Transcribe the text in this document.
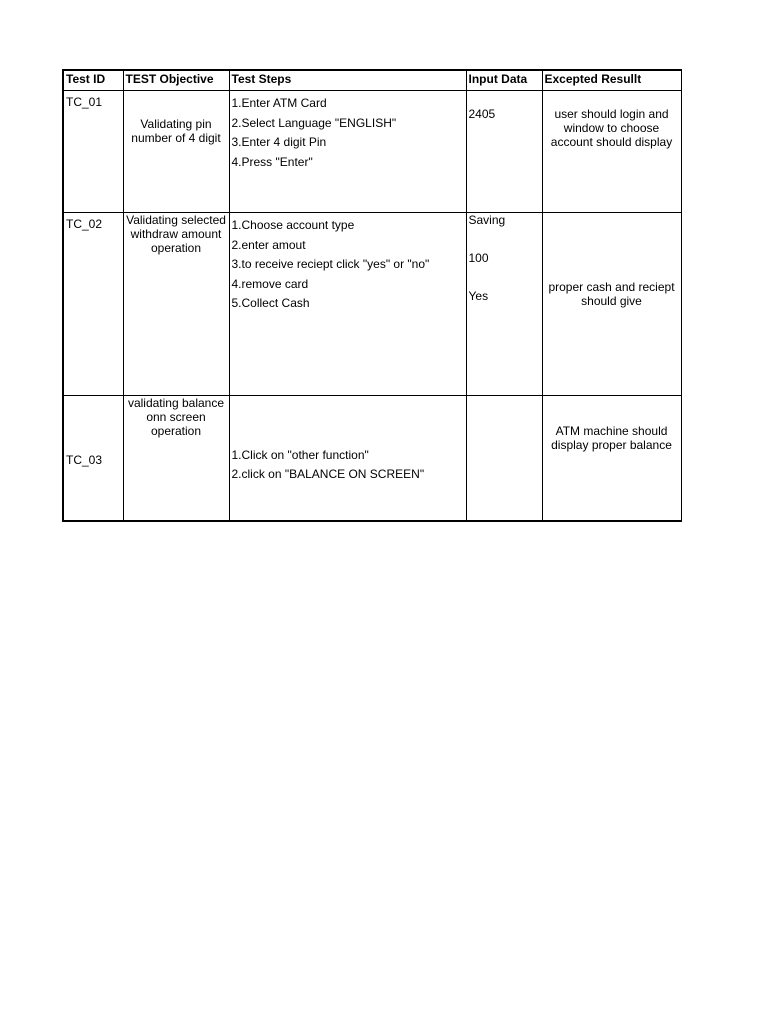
Test ID	TEST Objective	Test Steps	Input Data	Excepted Resullt
TC_01	Validating pin number of 4 digit	1.Enter ATM Card
2.Select Language "ENGLISH"
3.Enter 4 digit Pin
4.Press "Enter"	2405	user should login and window to choose account should display
TC_02	Validating selected withdraw amount operation	1.Choose account type
2.enter amout
3.to receive reciept click "yes" or "no"
4.remove card
5.Collect Cash	Saving
100
Yes	proper cash and reciept should give
TC_03	validating balance onn screen operation	1.Click on "other function"
2.click on "BALANCE ON SCREEN"		ATM machine should display proper balance
